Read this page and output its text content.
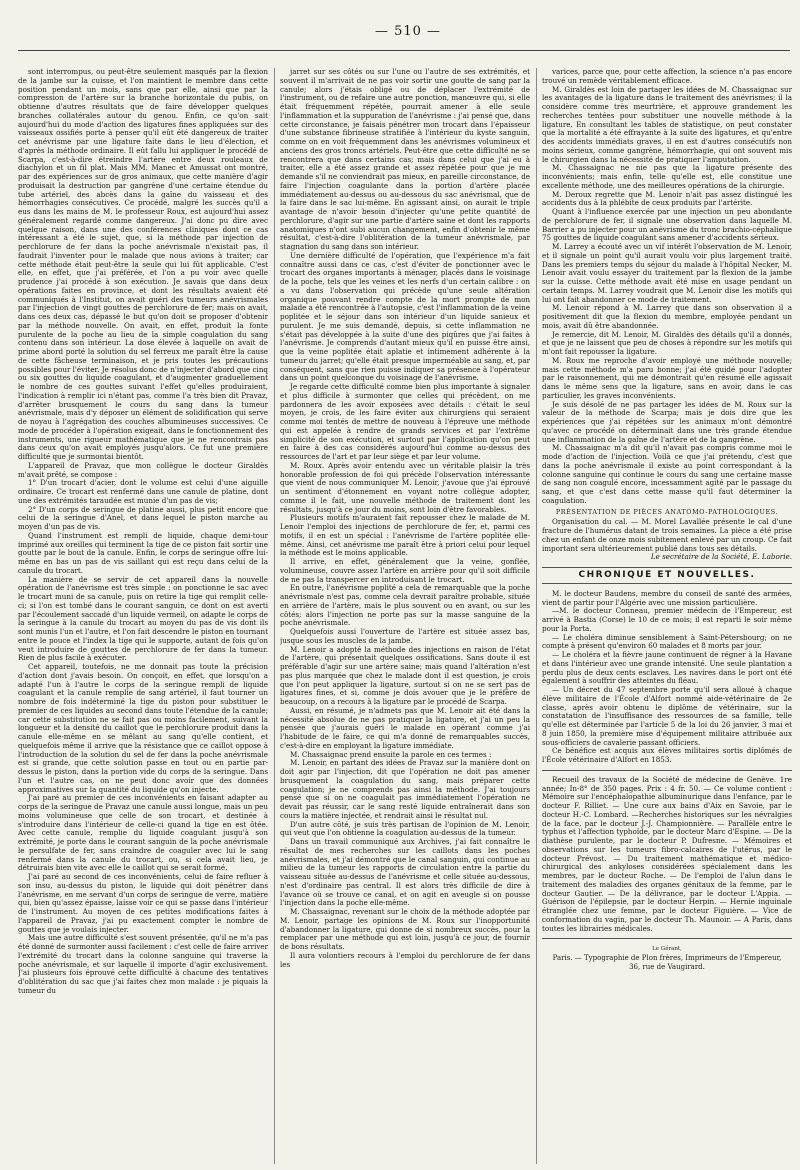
— 510 —

sont interrompus, ou peut-être seulement masqués par la flexion de la jambe sur la cuisse, et l'on maintient le membre dans cette position pendant un mois, sans que par elle, ainsi que par la compression de l'artère sur la branche horizontale du pubis, on obtienne d'autres résultats que de faire développer quelques branches collatérales autour du genou. Enfin, ce qu'on sait aujourd'hui du mode d'action des ligatures fines appliquées sur des vaisseaux ossifiés porte à penser qu'il eût été dangereux de traiter cet anévrisme par une ligature faite dans le lieu d'élection, et d'après la méthode ordinaire. Il eût fallu lui appliquer le procédé de Scarpa, c'est-à-dire étreindre l'artère entre deux rouleaux de diachylon et un fil plat. Mais MM. Manec et Amussat ont montré, par des expériences sur de gros animaux, que cette manière d'agir produisait la destruction par gangrène d'une certaine étendue du tube artériel, des abcès dans la gaîne du vaisseau et des hémorrhagies consécutives. Ce procédé, malgré les succès qu'il a eus dans les mains de M. le professeur Roux, est aujourd'hui assez généralement regardé comme dangereux. J'ai donc pu dire avec quelque raison, dans une des conférences cliniques dont ce cas intéressant a été le sujet, que, si la méthode par injection de perchlorure de fer dans la poche anévrismale n'existait pas, il faudrait l'inventer pour le malade que nous avions à traiter; car cette méthode était peut-être la seule qui lui fût applicable. C'est elle, en effet, que j'ai préférée, et l'on a pu voir avec quelle prudence j'ai procédé à son exécution. Je savais que dans deux opérations faites en province, et dont les résultats avaient été communiqués à l'Institut, on avait guéri des tumeurs anévrismales par l'injection de vingt gouttes de perchlorure de fer; mais on avait, dans ces deux cas, dépassé le but qu'on doit se proposer d'obtenir par la méthode nouvelle. On avait, en effet, produit la fonte purulente de la poche au lieu de la simple coagulation du sang contenu dans son intérieur. La dose élevée à laquelle on avait de prime abord porté la solution du sel ferreux me paraît être la cause de cette fâcheuse terminaison, et je pris toutes les précautions possibles pour l'éviter. Je résolus donc de n'injecter d'abord que cinq ou six gouttes du liquide coagulant, et d'augmenter graduellement le nombre de ces gouttes suivant l'effet qu'elles produiraient, l'indication à remplir ici n'étant pas, comme l'a très bien dit Pravaz, d'arrêter brusquement le cours du sang dans la tumeur anévrismale, mais d'y déposer un élément de solidification qui serve de noyau à l'agrégation des couches albumineuses successives. Ce mode de procéder à l'opération exigeait, dans le fonctionnement des instruments, une rigueur mathématique que je ne rencontrais pas dans ceux qu'on avait employés jusqu'alors. Ce fut une première difficulté que je surmontai bientôt.

L'appareil de Pravaz, que mon collègue le docteur Giraldès m'avait prêté, se compose :

1° D'un trocart d'acier, dont le volume est celui d'une aiguille ordinaire. Ce trocart est renfermé dans une canule de platine, dont une des extrémités taraudée est munie d'un pas de vis;

2° D'un corps de seringue de platine aussi, plus petit encore que celui de la seringue d'Anel, et dans lequel le piston marche au moyen d'un pas de vis.

Quand l'instrument est rempli de liquide, chaque demi-tour imprimé aux oreilles qui terminent la tige de ce piston fait sortir une goutte par le bout de la canule. Enfin, le corps de seringue offre lui-même en bas un pas de vis saillant qui est reçu dans celui de la canule du trocart.

La manière de se servir de cet appareil dans la nouvelle opération de l'anévrisme est très simple : on ponctionne le sac avec le trocart muni de sa canule, puis on retire la tige qui remplit celle-ci; si l'on est tombé dans le courant sanguin, ce dont on est averti par l'écoulement saccadé d'un liquide vermeil, on adapte le corps de la seringue à la canule du trocart au moyen du pas de vis dont ils sont munis l'un et l'autre, et l'on fait descendre le piston en tournant entre le pouce et l'index la tige qui le supporte, autant de fois qu'on veut introduire de gouttes de perchlorure de fer dans la tumeur. Rien de plus facile à exécuter.

Cet appareil, toutefois, ne me donnait pas toute la précision d'action dont j'avais besoin. On conçoit, en effet, que lorsqu'on a adapté l'un à l'autre le corps de la seringue rempli de liquide coagulant et la canule remplie de sang artériel, il faut tourner un nombre de fois indéterminé la tige du piston pour substituer le premier de ces liquides au second dans toute l'étendue de la canule; car cette substitution ne se fait pas ou moins facilement, suivant la longueur et la densité du caillot que le perchlorure produit dans la canule elle-même en se mêlant au sang qu'elle contient, et quelquefois même il arrive que la résistance que ce caillot oppose à l'introduction de la solution du sel de fer dans la poche anévrismale est si grande, que cette solution passe en tout ou en partie par-dessus le piston, dans la portion vide du corps de la seringue. Dans l'un et l'autre cas, on ne peut donc avoir que des données approximatives sur la quantité du liquide qu'on injecte.

J'ai paré au premier de ces inconvénients en faisant adapter au corps de la seringue de Pravaz une canule aussi longue, mais un peu moins volumineuse que celle de son trocart, et destinée à s'introduire dans l'intérieur de celle-ci quand la tige en est ôtée. Avec cette canule, remplie du liquide coagulant jusqu'à son extrémité, je porte dans le courant sanguin de la poche anévrismale le persulfate de fer, sans craindre de coaguler avec lui le sang renfermé dans la canule du trocart, ou, si cela avait lieu, je détruirais bien vite avec elle le caillot qui se serait formé.

J'ai paré au second de ces inconvénients, celui de faire refluer à son insu, au-dessus du piston, le liquide qui doit pénétrer dans l'anévrisme, en me servant d'un corps de seringue de verre, matière qui, bien qu'assez épaisse, laisse voir ce qui se passe dans l'intérieur de l'instrument. Au moyen de ces petites modifications faites à l'appareil de Pravaz, j'ai pu exactement compter le nombre de gouttes que je voulais injecter.

Mais une autre difficulté s'est souvent présentée, qu'il ne m'a pas été donné de surmonter aussi facilement : c'est celle de faire arriver l'extrémité du trocart dans la colonne sanguine qui traverse la poche anévrismale, et sur laquelle il importe d'agir exclusivement. J'ai plusieurs fois éprouvé cette difficulté à chacune des tentatives d'oblitération du sac que j'ai faites chez mon malade : je piquais la tumeur du

jarret sur ses côtés ou sur l'une ou l'autre de ses extrémités, et souvent il m'arrivait de ne pas voir sortir une goutte de sang par la canule; alors j'étais obligé ou de déplacer l'extrémité de l'instrument, ou de refaire une autre ponction, manœuvre qui, si elle était fréquemment répétée, pourrait amener à elle seule l'inflammation et la suppuration de l'anévrisme : j'ai pensé que, dans cette circonstance, je faisais pénétrer mon trocart dans l'épaisseur d'une substance fibrineuse stratifiée à l'intérieur du kyste sanguin, comme on en voit fréquemment dans les anévrismes volumineux et anciens des gros troncs artériels. Peut-être que cette difficulté ne se rencontrera que dans certains cas; mais dans celui que j'ai eu à traiter, elle a été assez grande et assez répétée pour que je me demande s'il ne conviendrait pas mieux, en pareille circonstance, de faire l'injection coagulante dans la portion d'artère placée immédiatement au-dessus ou au-dessous du sac anévrismal, que de la faire dans le sac lui-même. En agissant ainsi, on aurait le triple avantage de n'avoir besoin d'injecter qu'une petite quantité de perchlorure, d'agir sur une partie d'artère saine et dont les rapports anatomiques n'ont subi aucun changement, enfin d'obtenir le même résultat, c'est-à-dire l'oblitération de la tumeur anévrismale, par stagnation du sang dans son intérieur.

Une dernière difficulté de l'opération, que l'expérience m'a fait connaître aussi dans ce cas, c'est d'éviter de ponctionner avec le trocart des organes importants à ménager, placés dans le voisinage de la poche, tels que les veines et les nerfs d'un certain calibre : on a vu dans l'observation qui précède qu'une seule altération organique pouvant rendre compte de la mort prompte de mon malade a été rencontrée à l'autopsie, c'est l'inflammation de la veine poplitée et le séjour dans son intérieur d'un liquide sanieux et purulent. Je me suis demandé, depuis, si cette inflammation ne s'était pas développée à la suite d'une des piqûres que j'ai faites à l'anévrisme. Je comprends d'autant mieux qu'il en puisse être ainsi, que la veine poplitée était aplatie et intimement adhérente à la tumeur du jarret; qu'elle était presque imperméable au sang, et, par conséquent, sans que rien puisse indiquer sa présence à l'opérateur dans un point quelconque du voisinage de l'anévrisme.

Je regarde cette difficulté comme bien plus importante à signaler et plus difficile à surmonter que celles qui précèdent, on me pardonnera de les avoir exposées avec détails : c'était le seul moyen, je crois, de les faire éviter aux chirurgiens qui seraient comme moi tentés de mettre de nouveau à l'épreuve une méthode qui est appelée à rendre de grands services et par l'extrême simplicité de son exécution, et surtout par l'application qu'on peut en faire à des cas considérés aujourd'hui comme au-dessus des ressources de l'art et par leur siège et par leur volume.

M. Roux. Après avoir entendu avec un véritable plaisir la très honorable profession de foi qui précède l'observation intéressante que vient de nous communiquer M. Lenoir, j'avoue que j'ai éprouvé un sentiment d'étonnement en voyant notre collègue adopter, comme il le fait, une nouvelle méthode de traitement dont les résultats, jusqu'à ce jour du moins, sont loin d'être favorables.

Plusieurs motifs m'auraient fait repousser chez le malade de M. Lenoir l'emploi des injections de perchlorure de fer, et, parmi ces motifs, il en est un spécial : l'anévrisme de l'artère poplitée elle-même. Ainsi, cet anévrisme me paraît être à priori celui pour lequel la méthode est le moins applicable.

Il arrive, en effet, généralement que la veine, gonflée, volumineuse, couvre assez l'artère en arrière pour qu'il soit difficile de ne pas la transpercer en introduisant le trocart.

En outre, l'anévrisme poplité a cela de remarquable que la poche anévrismale n'est pas, comme cela devrait paraître probable, située en arrière de l'artère, mais le plus souvent ou en avant, ou sur les côtés; alors l'injection ne porte pas sur la masse sanguine de la poche anévrismale.

Quelquefois aussi l'ouverture de l'artère est située assez bas, jusque sous les muscles de la jambe.

M. Lenoir a adopté la méthode des injections en raison de l'état de l'artère, qui présentait quelques ossifications. Sans doute il est préférable d'agir sur une artère saine; mais quand l'altération n'est pas plus marquée que chez le malade dont il est question, je crois que l'on peut appliquer la ligature, surtout si on ne se sert pas de ligatures fines, et si, comme je dois avouer que je le préfère de beaucoup, on a recours à la ligature par le procédé de Scarpa.

Aussi, en résumé, je n'admets pas que M. Lenoir ait été dans la nécessité absolue de ne pas pratiquer la ligature, et j'ai un peu la pensée que j'aurais guéri le malade en opérant comme j'ai l'habitude de le faire, ce qui m'a donné de remarquables succès, c'est-à-dire en employant la ligature immédiate.

M. Chassaignac prend ensuite la parole en ces termes :

M. Lenoir, en partant des idées de Pravaz sur la manière dont on doit agir par l'injection, dit que l'opération ne doit pas amener brusquement la coagulation du sang, mais préparer cette coagulation; je ne comprends pas ainsi la méthode. J'ai toujours pensé que si on ne coagulait pas immédiatement l'opération ne devait pas réussir, car le sang resté liquide entraînerait dans son cours la matière injectée, et rendrait ainsi le résultat nul.

D'un autre côté, je suis très partisan de l'opinion de M. Lenoir, qui veut que l'on obtienne la coagulation au-dessus de la tumeur.

Dans un travail communiqué aux Archives, j'ai fait connaître le résultat de mes recherches sur les caillots dans les poches anévrismales, et j'ai démontré que le canal sanguin, qui continue au milieu de la tumeur les rapports de circulation entre la partie du vaisseau située au-dessus de l'anévrisme et celle située au-dessous, n'est d'ordinaire pas central. Il est alors très difficile de dire à l'avance où se trouve ce canal, et on agit en aveugle si on pousse l'injection dans la poche elle-même.

M. Chassaignac, revenant sur le choix de la méthode adoptée par M. Lenoir, partage les opinions de M. Roux sur l'inopportunité d'abandonner la ligature, qui donne de si nombreux succès, pour la remplacer par une méthode qui est loin, jusqu'à ce jour, de fournir de bons résultats.

Il aura volontiers recours à l'emploi du perchlorure de fer dans les

varices, parce que, pour cette affection, la science n'a pas encore trouvé un remède véritablement efficace.

M. Giraldès est loin de partager les idées de M. Chassaignac sur les avantages de la ligature dans le traitement des anévrismes; il la considère comme très meurtrière, et approuve grandement les recherches tentées pour substituer une nouvelle méthode à la ligature. En consultant les tables de statistique, on peut constater que la mortalité a été effrayante à la suite des ligatures, et qu'entre des accidents immédiats graves, il en est d'autres consécutifs non moins sérieux, comme gangrène, hémorrhagie, qui ont souvent mis le chirurgien dans la nécessité de pratiquer l'amputation.

M. Chassaignac ne nie pas que la ligature présente des inconvénients; mais enfin, telle qu'elle est, elle constitue une excellente méthode, une des meilleures opérations de la chirurgie.

M. Deroux regrette que M. Lenoir n'ait pas assez distingué les accidents dus à la phlébite de ceux produits par l'artérite.

Quant à l'influence exercée par une injection un peu abondante de perchlorure de fer, il signale une observation dans laquelle M. Barrier a pu injecter pour un anévrisme du tronc brachio-céphalique 75 gouttes de liquide coagulant sans amener d'accidents sérieux.

M. Larrey a écouté avec un vif intérêt l'observation de M. Lenoir, et il signale un point qu'il aurait voulu voir plus largement traité. Dans les premiers temps du séjour du malade à l'hôpital Necker, M. Lenoir avait voulu essayer du traitement par la flexion de la jambe sur la cuisse. Cette méthode avait été mise en usage pendant un certain temps. M. Larrey voudrait que M. Lenoir dise les motifs qui lui ont fait abandonner ce mode de traitement.

M. Lenoir répond à M. Larrey que dans son observation il a positivement dit que la flexion du membre, employée pendant un mois, avait dû être abandonnée.

Je remercie, dit M. Lenoir, M. Giraldès des détails qu'il a donnés, et que je ne laissent que peu de choses à répondre sur les motifs qui m'ont fait repousser la ligature.

M. Roux me reproche d'avoir employé une méthode nouvelle; mais cette méthode m'a paru bonne; j'ai été guidé pour l'adopter par le raisonnement, qui me démontrait qu'en résumé elle agissait dans le même sens que la ligature, sans en avoir, dans le cas particulier, les graves inconvénients.

Je suis désolé de ne pas partager les idées de M. Roux sur la valeur de la méthode de Scarpa; mais je dois dire que les expériences que j'ai répétées sur les animaux m'ont démontré qu'avec ce procédé on déterminait dans une très grande étendue une inflammation de la gaîne de l'artère et de la gangrène.

M. Chassaignac m'a dit qu'il n'avait pas compris comme moi le mode d'action de l'injection. Voilà ce que j'ai prétendu, c'est que dans la poche anévrismale il existe au point correspondant à la colonne sanguine qui continue le cours du sang une certaine masse de sang non coagulé encore, incessamment agité par le passage du sang, et que c'est dans cette masse qu'il faut déterminer la coagulation.

PRÉSENTATION DE PIÈCES ANATOMO-PATHOLOGIQUES.

Organisation du cal. — M. Morel Lavallée présente le cal d'une fracture de l'humérus datant de trois semaines. La pièce a été prise chez un enfant de onze mois subitement enlevé par un croup. Ce fait important sera ultérieurement publié dans tous ses détails.

Le secrétaire de la Société, E. Laborie.

CHRONIQUE ET NOUVELLES.

M. le docteur Baudens, membre du conseil de santé des armées, vient de partir pour l'Algérie avec une mission particulière.

—M. le docteur Conneau, premier médecin de l'Empereur, est arrivé à Bastia (Corse) le 10 de ce mois; il est reparti le soir même pour la Porta.

— Le choléra diminue sensiblement à Saint-Pétersbourg; on ne compte à présent qu'environ 60 malades et 8 morts par jour.

— Le choléra et la fièvre jaune continuent de régner à la Havane et dans l'intérieur avec une grande intensité. Une seule plantation a perdu plus de deux cents esclaves. Les navires dans le port ont été également à souffrir des atteintes du fléau.

— Un décret du 47 septembre porte qu'il sera alloué à chaque élève militaire de l'École d'Alfort nommé aide-vétérinaire de 2e classe, après avoir obtenu le diplôme de vétérinaire, sur la constatation de l'insuffisance des ressources de sa famille, telle qu'elle est déterminée par l'article 5 de la loi du 26 janvier, 3 mai et 8 juin 1850, la première mise d'équipement militaire attribuée aux sous-officiers de cavalerie passant officiers.

Ce bénéfice est acquis aux élèves militaires sortis diplômés de l'École vétérinaire d'Alfort en 1853.

Recueil des travaux de la Société de médecine de Genève. 1re année; In-8° de 350 pages. Prix : 4 fr. 50. — Ce volume contient : Mémoire sur l'encéphalopathie albuminurique dans l'enfance, par le docteur F. Rilliet. — Une cure aux bains d'Aix en Savoie, par le docteur H.-C. Lombard. —Recherches historiques sur les névralgies de la face, par le docteur J.-J. Championnière. — Parallèle entre le typhus et l'affection typhoïde, par le docteur Marc d'Espine. — De la diathèse purulente, par le docteur P. Dufresne. — Mémoires et observations sur les tumeurs fibro-calcaires de l'utérus, par le docteur Prévost. — Du traitement mathématique et médico-chirurgical des ankyloses considérées spécialement dans les membres, par le docteur Roche. — De l'emploi de l'alun dans le traitement des maladies des organes génitaux de la femme, par le docteur Gautier. — De la délivrance, par le docteur L'Appia. — Guérison de l'épilepsie, par le docteur Herpin. — Hernie inguinale étranglée chez une femme, par le docteur Figuière. — Vice de conformation du vagin, par le docteur Th. Maunoir. — A Paris, dans toutes les librairies médicales.

Le Gérant,
Paris. — Typographie de Plon frères, Imprimeurs de l'Empereur,
36, rue de Vaugirard.
